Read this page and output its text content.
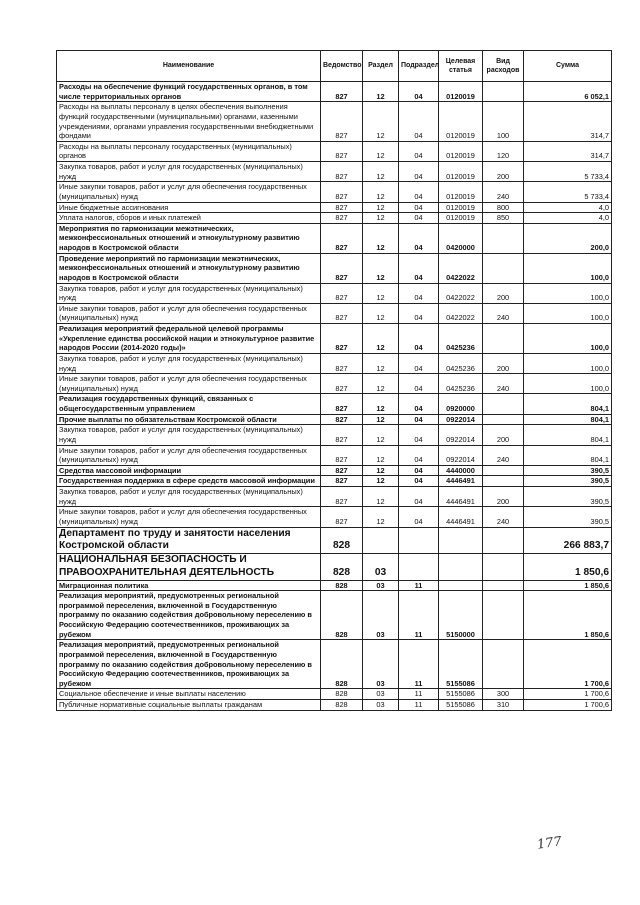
Наименование	Ведомство	Раздел	Подраздел	Целевая статья	Вид расходов	Сумма
Расходы на обеспечение функций государственных органов, в том числе территориальных органов	827	12	04	0120019		6 052,1
Расходы на выплаты персоналу в целях обеспечения выполнения функций государственными (муниципальными) органами, казенными учреждениями, органами управления государственными внебюджетными фондами	827	12	04	0120019	100	314,7
Расходы на выплаты персоналу государственных (муниципальных) органов	827	12	04	0120019	120	314,7
Закупка товаров, работ и услуг для государственных (муниципальных) нужд	827	12	04	0120019	200	5 733,4
Иные закупки товаров, работ и услуг для обеспечения государственных (муниципальных) нужд	827	12	04	0120019	240	5 733,4
Иные бюджетные ассигнования	827	12	04	0120019	800	4,0
Уплата налогов, сборов и иных платежей	827	12	04	0120019	850	4,0
Мероприятия по гармонизации межэтнических, межконфессиональных отношений и этнокультурному развитию народов в Костромской области	827	12	04	0420000		200,0
Проведение мероприятий по гармонизации межэтнических, межконфессиональных отношений и этнокультурному развитию народов в Костромской области	827	12	04	0422022		100,0
Закупка товаров, работ и услуг для государственных (муниципальных) нужд	827	12	04	0422022	200	100,0
Иные закупки товаров, работ и услуг для обеспечения государственных (муниципальных) нужд	827	12	04	0422022	240	100,0
Реализация мероприятий федеральной целевой программы «Укрепление единства российской нации и этнокультурное развитие народов России (2014-2020 годы)»	827	12	04	0425236		100,0
Закупка товаров, работ и услуг для государственных (муниципальных) нужд	827	12	04	0425236	200	100,0
Иные закупки товаров, работ и услуг для обеспечения государственных (муниципальных) нужд	827	12	04	0425236	240	100,0
Реализация государственных функций, связанных с общегосударственным управлением	827	12	04	0920000		804,1
Прочие выплаты по обязательствам Костромской области	827	12	04	0922014		804,1
Закупка товаров, работ и услуг для государственных (муниципальных) нужд	827	12	04	0922014	200	804,1
Иные закупки товаров, работ и услуг для обеспечения государственных (муниципальных) нужд	827	12	04	0922014	240	804,1
Средства массовой информации	827	12	04	4440000		390,5
Государственная поддержка в сфере средств массовой информации	827	12	04	4446491		390,5
Закупка товаров, работ и услуг для государственных (муниципальных) нужд	827	12	04	4446491	200	390,5
Иные закупки товаров, работ и услуг для обеспечения государственных (муниципальных) нужд	827	12	04	4446491	240	390,5
Департамент по труду и занятости населения Костромской области	828					266 883,7
НАЦИОНАЛЬНАЯ БЕЗОПАСНОСТЬ И ПРАВООХРАНИТЕЛЬНАЯ ДЕЯТЕЛЬНОСТЬ	828	03				1 850,6
Миграционная политика	828	03	11			1 850,6
Реализация мероприятий, предусмотренных региональной программой переселения, включенной в Государственную программу по оказанию содействия добровольному переселению в Российскую Федерацию соотечественников, проживающих за рубежом	828	03	11	5150000		1 850,6
Реализация мероприятий, предусмотренных региональной программой переселения, включенной в Государственную программу по оказанию содействия добровольному переселению в Российскую Федерацию соотечественников, проживающих за рубежом	828	03	11	5155086		1 700,6
Социальное обеспечение и иные выплаты населению	828	03	11	5155086	300	1 700,6
Публичные нормативные социальные выплаты гражданам	828	03	11	5155086	310	1 700,6
177
